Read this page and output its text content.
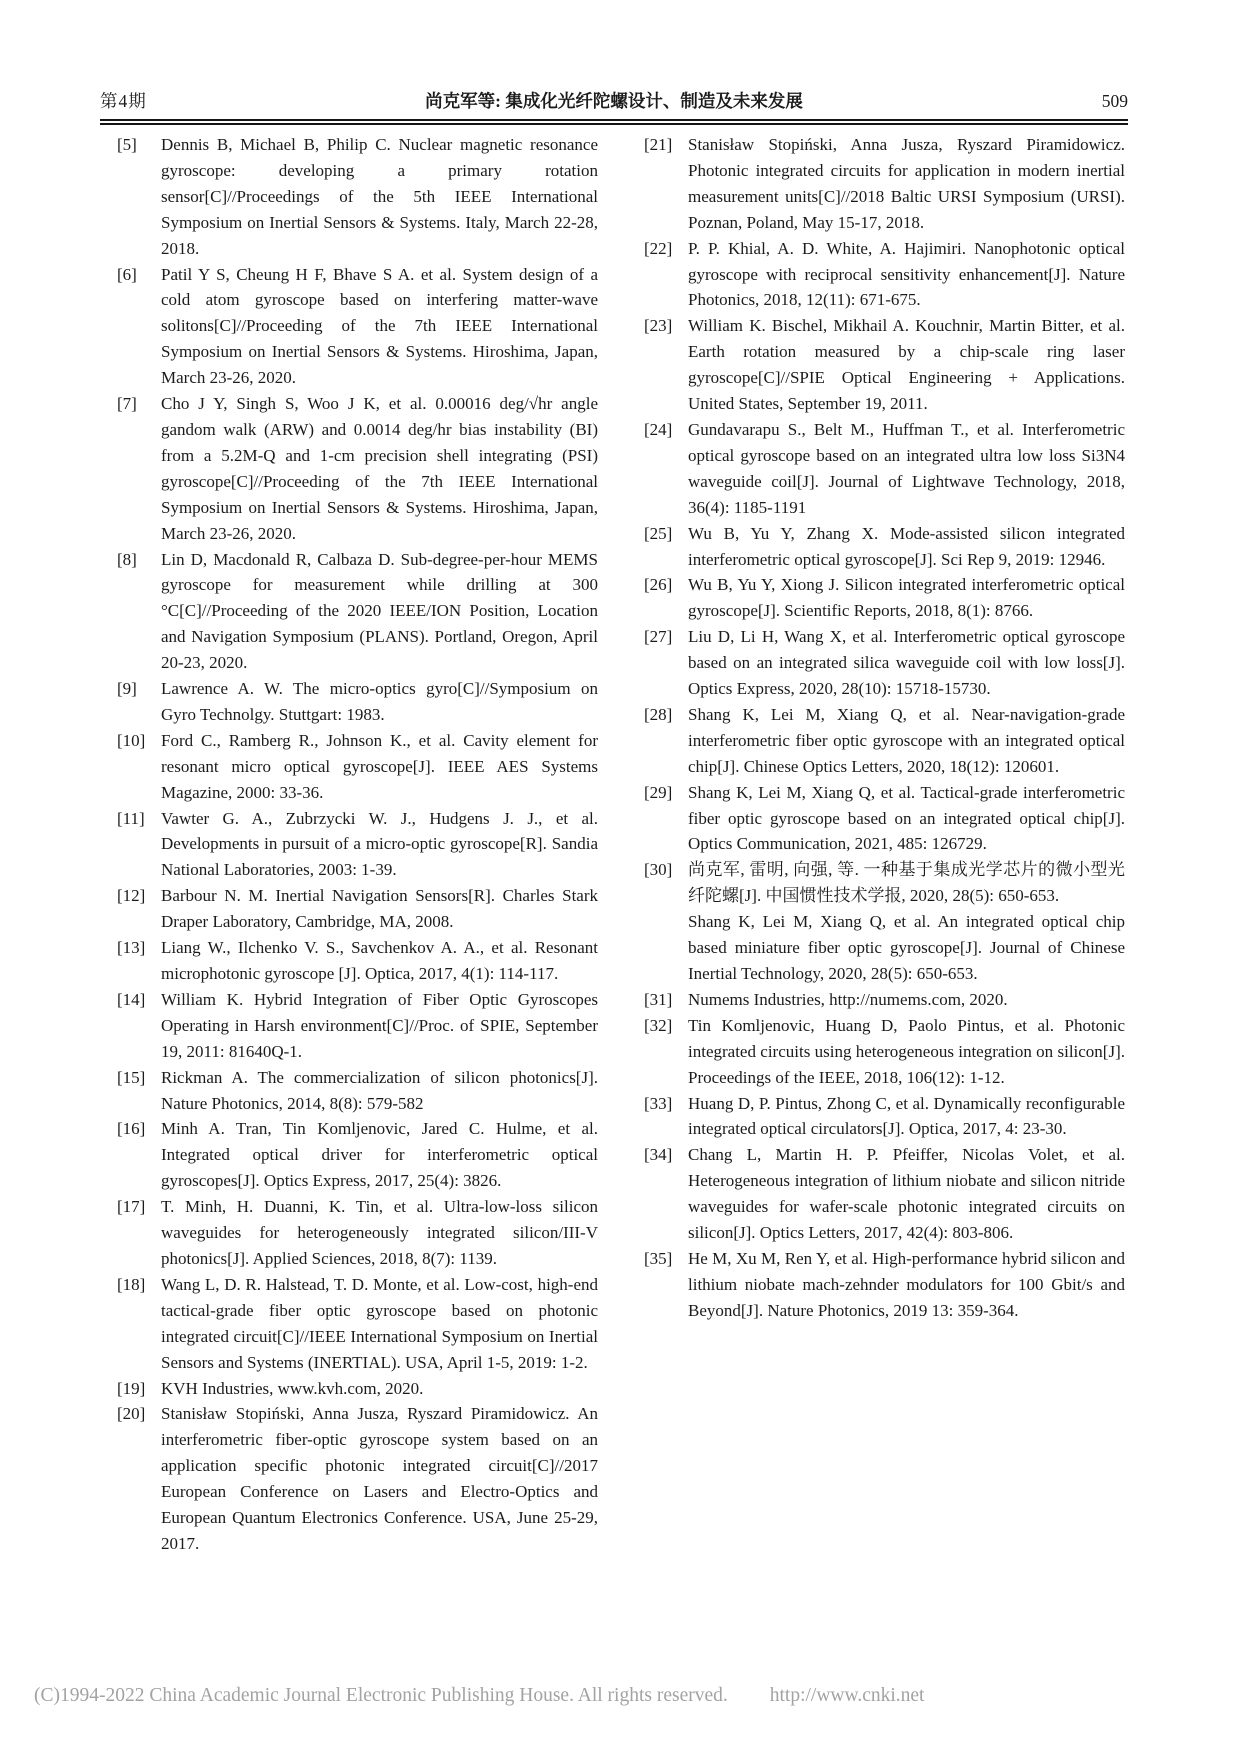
第4期	尚克军等: 集成化光纤陀螺设计、制造及未来发展	509
[5]	Dennis B, Michael B, Philip C. Nuclear magnetic resonance gyroscope: developing a primary rotation sensor[C]//Proceedings of the 5th IEEE International Symposium on Inertial Sensors & Systems. Italy, March 22-28, 2018.
[6]	Patil Y S, Cheung H F, Bhave S A. et al. System design of a cold atom gyroscope based on interfering matter-wave solitons[C]//Proceeding of the 7th IEEE International Symposium on Inertial Sensors & Systems. Hiroshima, Japan, March 23-26, 2020.
[7]	Cho J Y, Singh S, Woo J K, et al. 0.00016 deg/√hr angle gandom walk (ARW) and 0.0014 deg/hr bias instability (BI) from a 5.2M-Q and 1-cm precision shell integrating (PSI) gyroscope[C]//Proceeding of the 7th IEEE International Symposium on Inertial Sensors & Systems. Hiroshima, Japan, March 23-26, 2020.
[8]	Lin D, Macdonald R, Calbaza D. Sub-degree-per-hour MEMS gyroscope for measurement while drilling at 300 °C[C]//Proceeding of the 2020 IEEE/ION Position, Location and Navigation Symposium (PLANS). Portland, Oregon, April 20-23, 2020.
[9]	Lawrence A. W. The micro-optics gyro[C]//Symposium on Gyro Technolgy. Stuttgart: 1983.
[10] Ford C., Ramberg R., Johnson K., et al. Cavity element for resonant micro optical gyroscope[J]. IEEE AES Systems Magazine, 2000: 33-36.
[11] Vawter G. A., Zubrzycki W. J., Hudgens J. J., et al. Developments in pursuit of a micro-optic gyroscope[R]. Sandia National Laboratories, 2003: 1-39.
[12] Barbour N. M. Inertial Navigation Sensors[R]. Charles Stark Draper Laboratory, Cambridge, MA, 2008.
[13] Liang W., Ilchenko V. S., Savchenkov A. A., et al. Resonant microphotonic gyroscope [J]. Optica, 2017, 4(1): 114-117.
[14] William K. Hybrid Integration of Fiber Optic Gyroscopes Operating in Harsh environment[C]//Proc. of SPIE, September 19, 2011: 81640Q-1.
[15] Rickman A. The commercialization of silicon photonics[J]. Nature Photonics, 2014, 8(8): 579-582
[16] Minh A. Tran, Tin Komljenovic, Jared C. Hulme, et al. Integrated optical driver for interferometric optical gyroscopes[J]. Optics Express, 2017, 25(4): 3826.
[17] T. Minh, H. Duanni, K. Tin, et al. Ultra-low-loss silicon waveguides for heterogeneously integrated silicon/III-V photonics[J]. Applied Sciences, 2018, 8(7): 1139.
[18] Wang L, D. R. Halstead, T. D. Monte, et al. Low-cost, high-end tactical-grade fiber optic gyroscope based on photonic integrated circuit[C]//IEEE International Symposium on Inertial Sensors and Systems (INERTIAL). USA, April 1-5, 2019: 1-2.
[19] KVH Industries, www.kvh.com, 2020.
[20] Stanisław Stopiński, Anna Jusza, Ryszard Piramidowicz. An interferometric fiber-optic gyroscope system based on an application specific photonic integrated circuit[C]//2017 European Conference on Lasers and Electro-Optics and European Quantum Electronics Conference. USA, June 25-29, 2017.
[21] Stanisław Stopiński, Anna Jusza, Ryszard Piramidowicz. Photonic integrated circuits for application in modern inertial measurement units[C]//2018 Baltic URSI Symposium (URSI). Poznan, Poland, May 15-17, 2018.
[22] P. P. Khial, A. D. White, A. Hajimiri. Nanophotonic optical gyroscope with reciprocal sensitivity enhancement[J]. Nature Photonics, 2018, 12(11): 671-675.
[23] William K. Bischel, Mikhail A. Kouchnir, Martin Bitter, et al. Earth rotation measured by a chip-scale ring laser gyroscope[C]//SPIE Optical Engineering + Applications. United States, September 19, 2011.
[24] Gundavarapu S., Belt M., Huffman T., et al. Interferometric optical gyroscope based on an integrated ultra low loss Si3N4 waveguide coil[J]. Journal of Lightwave Technology, 2018, 36(4): 1185-1191
[25] Wu B, Yu Y, Zhang X. Mode-assisted silicon integrated interferometric optical gyroscope[J]. Sci Rep 9, 2019: 12946.
[26] Wu B, Yu Y, Xiong J. Silicon integrated interferometric optical gyroscope[J]. Scientific Reports, 2018, 8(1): 8766.
[27] Liu D, Li H, Wang X, et al. Interferometric optical gyroscope based on an integrated silica waveguide coil with low loss[J]. Optics Express, 2020, 28(10): 15718-15730.
[28] Shang K, Lei M, Xiang Q, et al. Near-navigation-grade interferometric fiber optic gyroscope with an integrated optical chip[J]. Chinese Optics Letters, 2020, 18(12): 120601.
[29] Shang K, Lei M, Xiang Q, et al. Tactical-grade interferometric fiber optic gyroscope based on an integrated optical chip[J]. Optics Communication, 2021, 485: 126729.
[30] 尚克军, 雷明, 向强, 等. 一种基于集成光学芯片的微小型光纤陀螺[J]. 中国惯性技术学报, 2020, 28(5): 650-653.
Shang K, Lei M, Xiang Q, et al. An integrated optical chip based miniature fiber optic gyroscope[J]. Journal of Chinese Inertial Technology, 2020, 28(5): 650-653.
[31] Numems Industries, http://numems.com, 2020.
[32] Tin Komljenovic, Huang D, Paolo Pintus, et al. Photonic integrated circuits using heterogeneous integration on silicon[J]. Proceedings of the IEEE, 2018, 106(12): 1-12.
[33] Huang D, P. Pintus, Zhong C, et al. Dynamically reconfigurable integrated optical circulators[J]. Optica, 2017, 4: 23-30.
[34] Chang L, Martin H. P. Pfeiffer, Nicolas Volet, et al. Heterogeneous integration of lithium niobate and silicon nitride waveguides for wafer-scale photonic integrated circuits on silicon[J]. Optics Letters, 2017, 42(4): 803-806.
[35] He M, Xu M, Ren Y, et al. High-performance hybrid silicon and lithium niobate mach-zehnder modulators for 100 Gbit/s and Beyond[J]. Nature Photonics, 2019 13: 359-364.
(C)1994-2022 China Academic Journal Electronic Publishing House. All rights reserved. http://www.cnki.net
